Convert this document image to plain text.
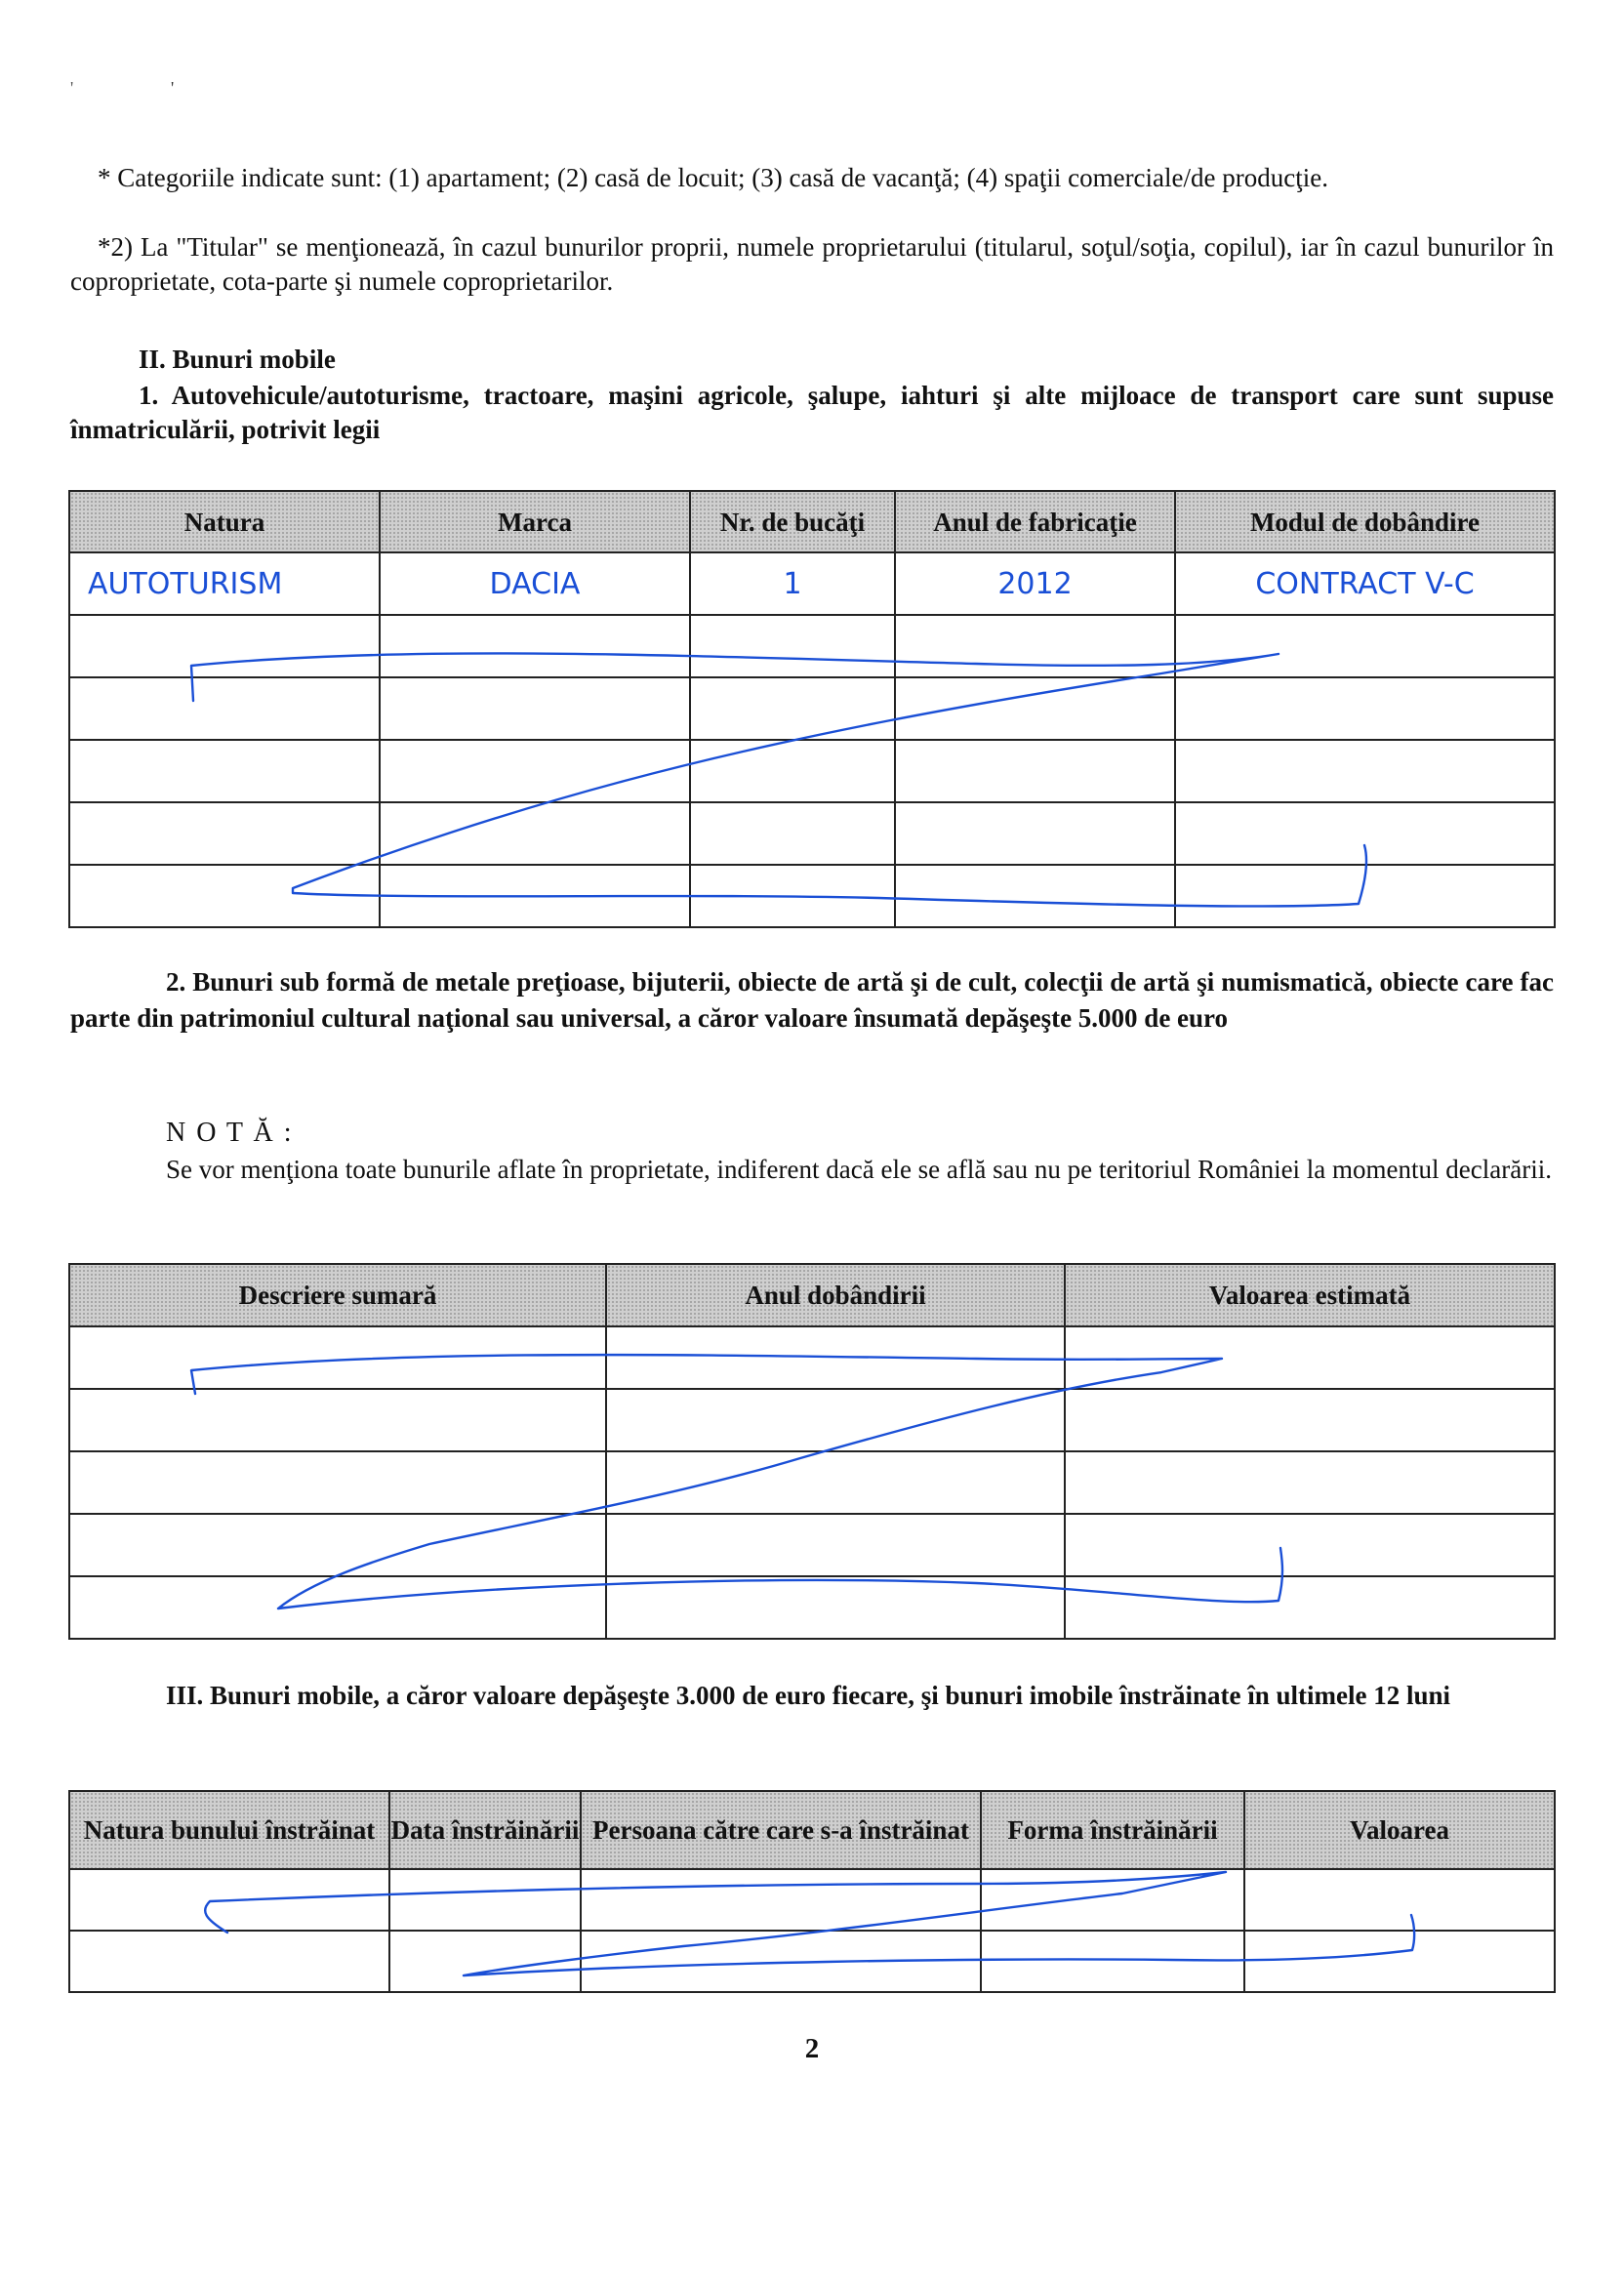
'	'
* Categoriile indicate sunt: (1) apartament; (2) casă de locuit; (3) casă de vacanţă; (4) spaţii comerciale/de producţie.
*2) La "Titular" se menţionează, în cazul bunurilor proprii, numele proprietarului (titularul, soţul/soţia, copilul), iar în cazul bunurilor în coproprietate, cota-parte şi numele coproprietarilor.
II. Bunuri mobile
1. Autovehicule/autoturisme, tractoare, maşini agricole, şalupe, iahturi şi alte mijloace de transport care sunt supuse înmatriculării, potrivit legii
Natura	Marca	Nr. de bucăţi	Anul de fabricaţie	Modul de dobândire
AUTOTURISM	DACIA	1	2012	CONTRACT V-C

2. Bunuri sub formă de metale preţioase, bijuterii, obiecte de artă şi de cult, colecţii de artă şi numismatică, obiecte care fac parte din patrimoniul cultural naţional sau universal, a căror valoare însumată depăşeşte 5.000 de euro
N O T Ă :
Se vor menţiona toate bunurile aflate în proprietate, indiferent dacă ele se află sau nu pe teritoriul României la momentul declarării.
Descriere sumară	Anul dobândirii	Valoarea estimată

III. Bunuri mobile, a căror valoare depăşeşte 3.000 de euro fiecare, şi bunuri imobile înstrăinate în ultimele 12 luni
Natura bunului înstrăinat	Data înstrăinării	Persoana către care s-a înstrăinat	Forma înstrăinării	Valoarea

2
